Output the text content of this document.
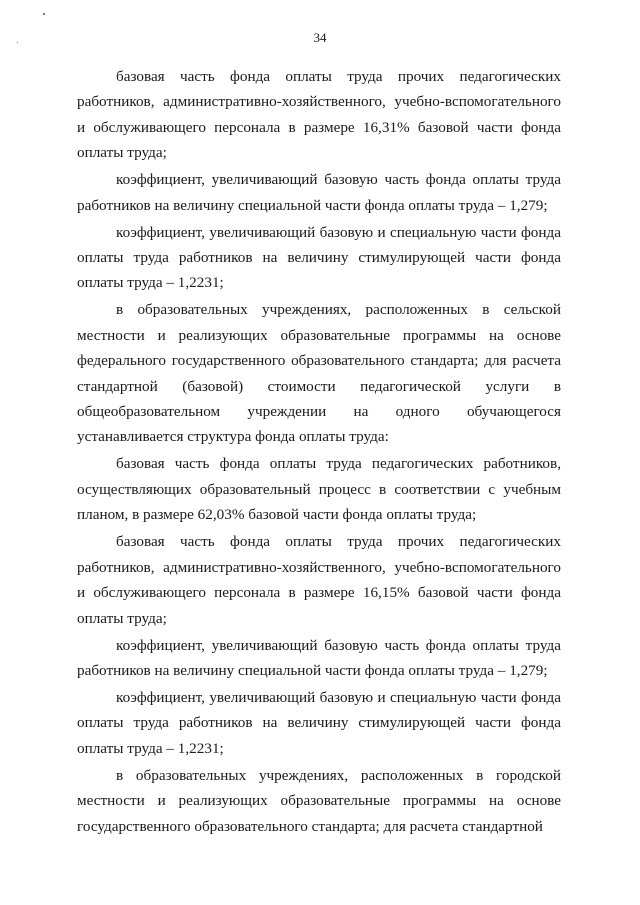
34

базовая часть фонда оплаты труда прочих педагогических работников, административно-хозяйственного, учебно-вспомогательного и обслуживающего персонала в размере 16,31% базовой части фонда оплаты труда;

коэффициент, увеличивающий базовую часть фонда оплаты труда работников на величину специальной части фонда оплаты труда – 1,279;

коэффициент, увеличивающий базовую и специальную части фонда оплаты труда работников на величину стимулирующей части фонда оплаты труда – 1,2231;

в образовательных учреждениях, расположенных в сельской местности и реализующих образовательные программы на основе федерального государственного образовательного стандарта; для расчета стандартной (базовой) стоимости педагогической услуги в общеобразовательном учреждении на одного обучающегося устанавливается структура фонда оплаты труда:

базовая часть фонда оплаты труда педагогических работников, осуществляющих образовательный процесс в соответствии с учебным планом, в размере 62,03% базовой части фонда оплаты труда;

базовая часть фонда оплаты труда прочих педагогических работников, административно-хозяйственного, учебно-вспомогательного и обслуживающего персонала в размере 16,15% базовой части фонда оплаты труда;

коэффициент, увеличивающий базовую часть фонда оплаты труда работников на величину специальной части фонда оплаты труда – 1,279;

коэффициент, увеличивающий базовую и специальную части фонда оплаты труда работников на величину стимулирующей части фонда оплаты труда – 1,2231;

в образовательных учреждениях, расположенных в городской местности и реализующих образовательные программы на основе государственного образовательного стандарта; для расчета стандартной
